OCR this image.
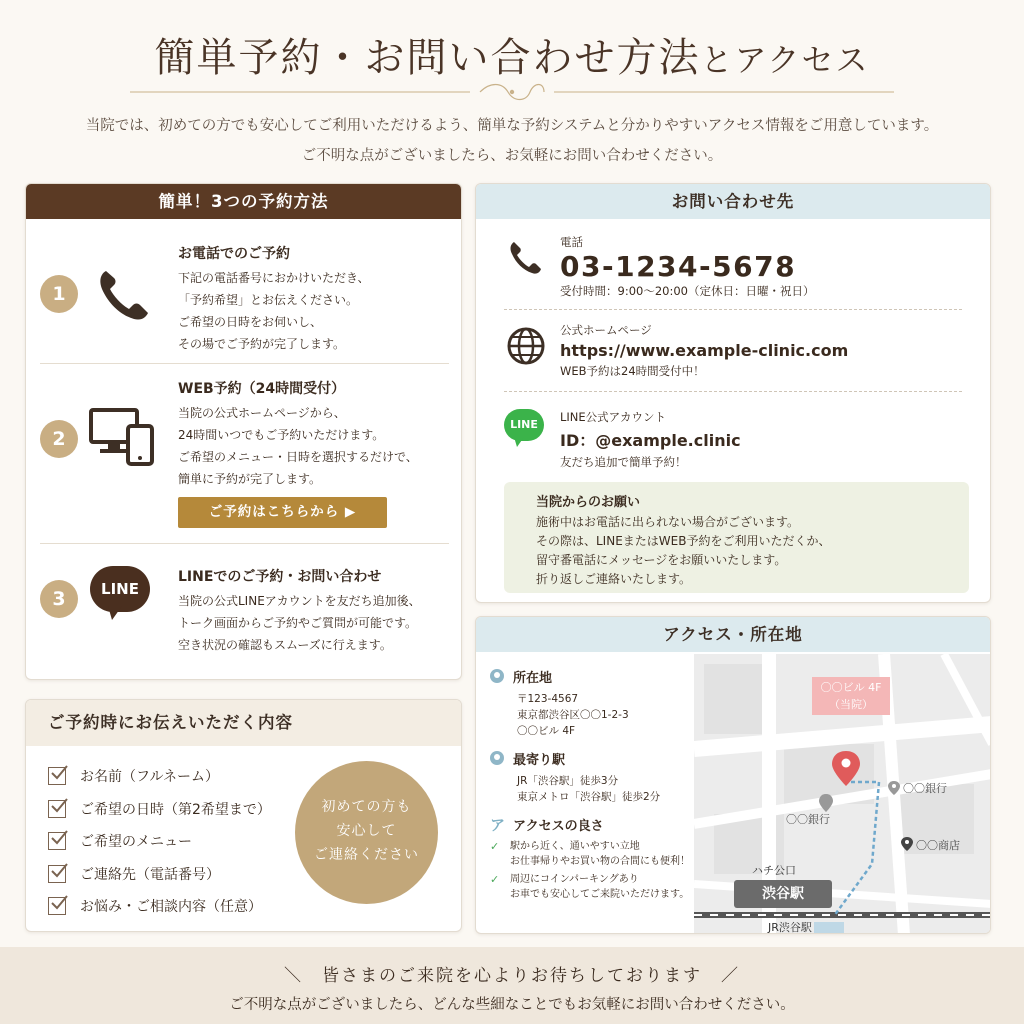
簡単予約・お問い合わせ方法とアクセス
当院では、初めての方でも安心してご利用いただけるよう、簡単な予約システムと分かりやすいアクセス情報をご用意しています。
ご不明な点がございましたら、お気軽にお問い合わせください。
簡単！3つの予約方法
1
お電話でのご予約
下記の電話番号におかけいただき、
「予約希望」とお伝えください。
ご希望の日時をお伺いし、
その場でご予約が完了します。
2
WEB予約（24時間受付）
当院の公式ホームページから、
24時間いつでもご予約いただけます。
ご希望のメニュー・日時を選択するだけで、
簡単に予約が完了します。
ご予約はこちらから ▶
3	LINE
LINEでのご予約・お問い合わせ
当院の公式LINEアカウントを友だち追加後、
トーク画面からご予約やご質問が可能です。
空き状況の確認もスムーズに行えます。
ご予約時にお伝えいただく内容
お名前（フルネーム）
ご希望の日時（第2希望まで）
ご希望のメニュー
ご連絡先（電話番号）
お悩み・ご相談内容（任意）
初めての方も
安心して
ご連絡ください
お問い合わせ先
電話
03-1234-5678
受付時間：9:00〜20:00（定休日：日曜・祝日）
公式ホームページ
https://www.example-clinic.com
WEB予約は24時間受付中！
LINE
LINE公式アカウント
ID：@example.clinic
友だち追加で簡単予約！
当院からのお願い
施術中はお電話に出られない場合がございます。
その際は、LINEまたはWEB予約をご利用いただくか、
留守番電話にメッセージをお願いいたします。
折り返しご連絡いたします。
アクセス・所在地
所在地
〒123-4567
東京都渋谷区〇〇1-2-3
〇〇ビル 4F
最寄り駅
JR「渋谷駅」徒歩3分
東京メトロ「渋谷駅」徒歩2分
ア アクセスの良さ
✓	駅から近く、通いやすい立地
お仕事帰りやお買い物の合間にも便利！
✓	周辺にコインパーキングあり
お車でも安心してご来院いただけます。
〇〇ビル 4F
（当院）
〇〇銀行
〇〇銀行
〇〇商店
ハチ公口
渋谷駅
JR渋谷駅
＼　皆さまのご来院を心よりお待ちしております　／
ご不明な点がございましたら、どんな些細なことでもお気軽にお問い合わせください。
